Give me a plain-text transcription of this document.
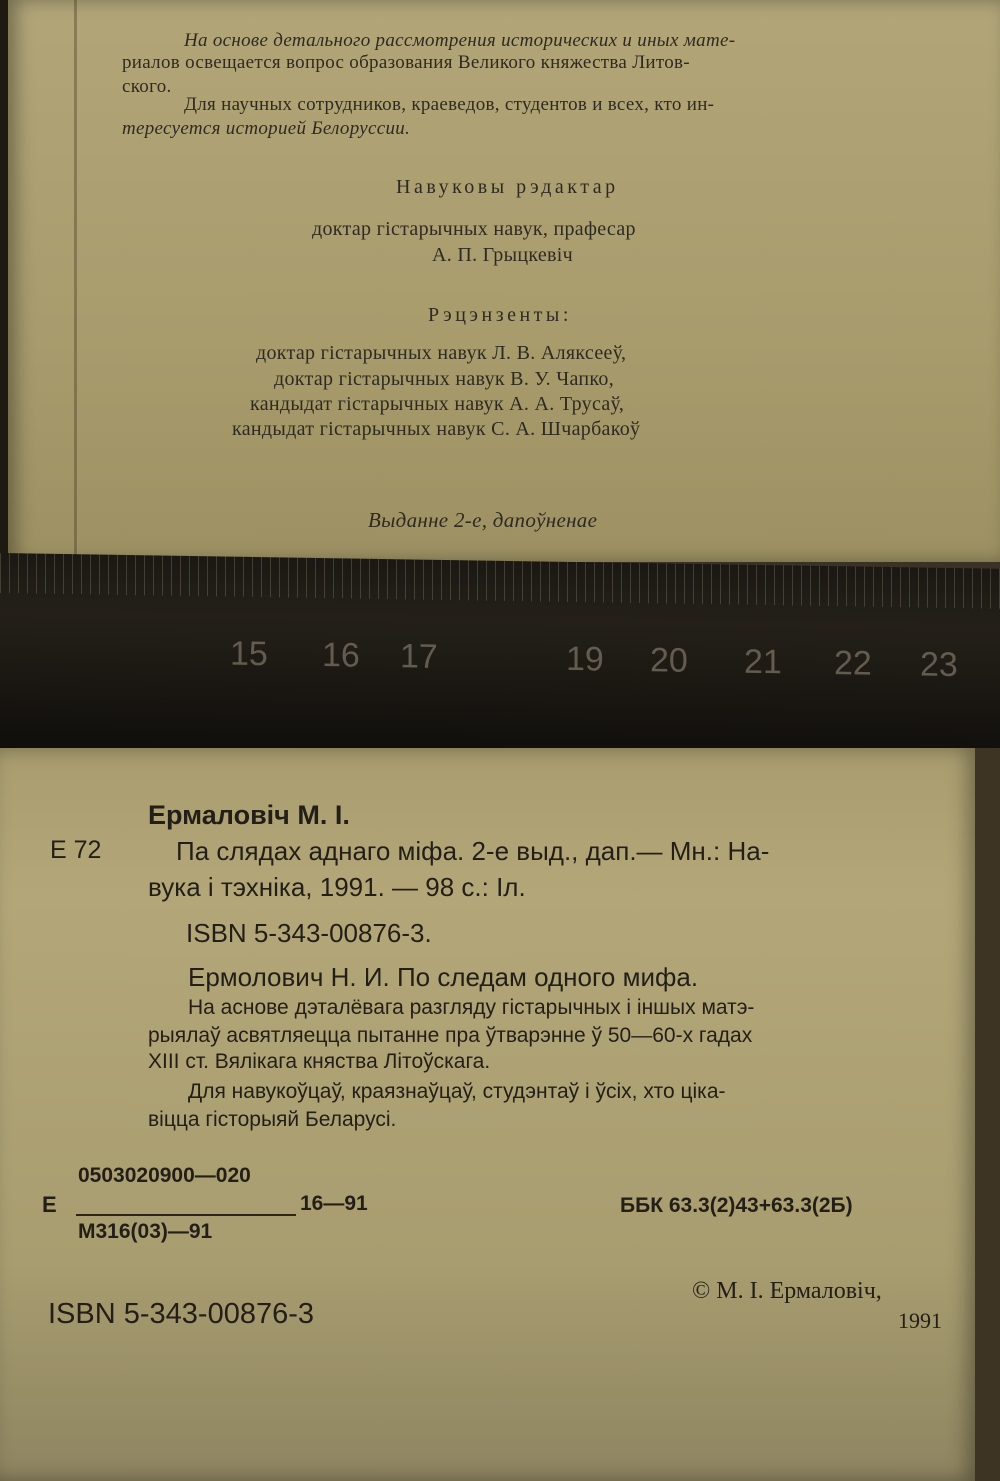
На основе детального рассмотрения исторических и иных мате-
риалов освещается вопрос образования Великого княжества Литов-
ского.
Для научных сотрудников, краеведов, студентов и всех, кто ин-
тересуется историей Белоруссии.
Навуковы рэдактар
доктар гістарычных навук, прафесар
А. П. Грыцкевіч
Рэцэнзенты:
доктар гістарычных навук Л. В. Аляксееў,
доктар гістарычных навук В. У. Чапко,
кандыдат гістарычных навук А. А. Трусаў,
кандыдат гістарычных навук С. А. Шчарбакоў
Выданне 2-е, дапоўненае
15 16 17	19 20 21 22 23
Ермаловіч М. І.
Е 72	Па слядах аднаго міфа. 2-е выд., дап.— Мн.: На-
вука і тэхніка, 1991. — 98 с.: Іл.
ISBN 5-343-00876-3.
Ермолович Н. И. По следам одного мифа.
На аснове дэталёвага разгляду гістарычных і іншых матэ-
рыялаў асвятляецца пытанне пра ўтварэнне ў 50—60-х гадах
XIII ст. Вялікага княства Літоўскага.
Для навукоўцаў, краязнаўцаў, студэнтаў і ўсіх, хто ціка-
віцца гісторыяй Беларусі.
Е
0503020900—020
16—91
М316(03)—91
ББК 63.3(2)43+63.3(2Б)
ISBN 5-343-00876-3
© М. І. Ермаловіч,
1991
